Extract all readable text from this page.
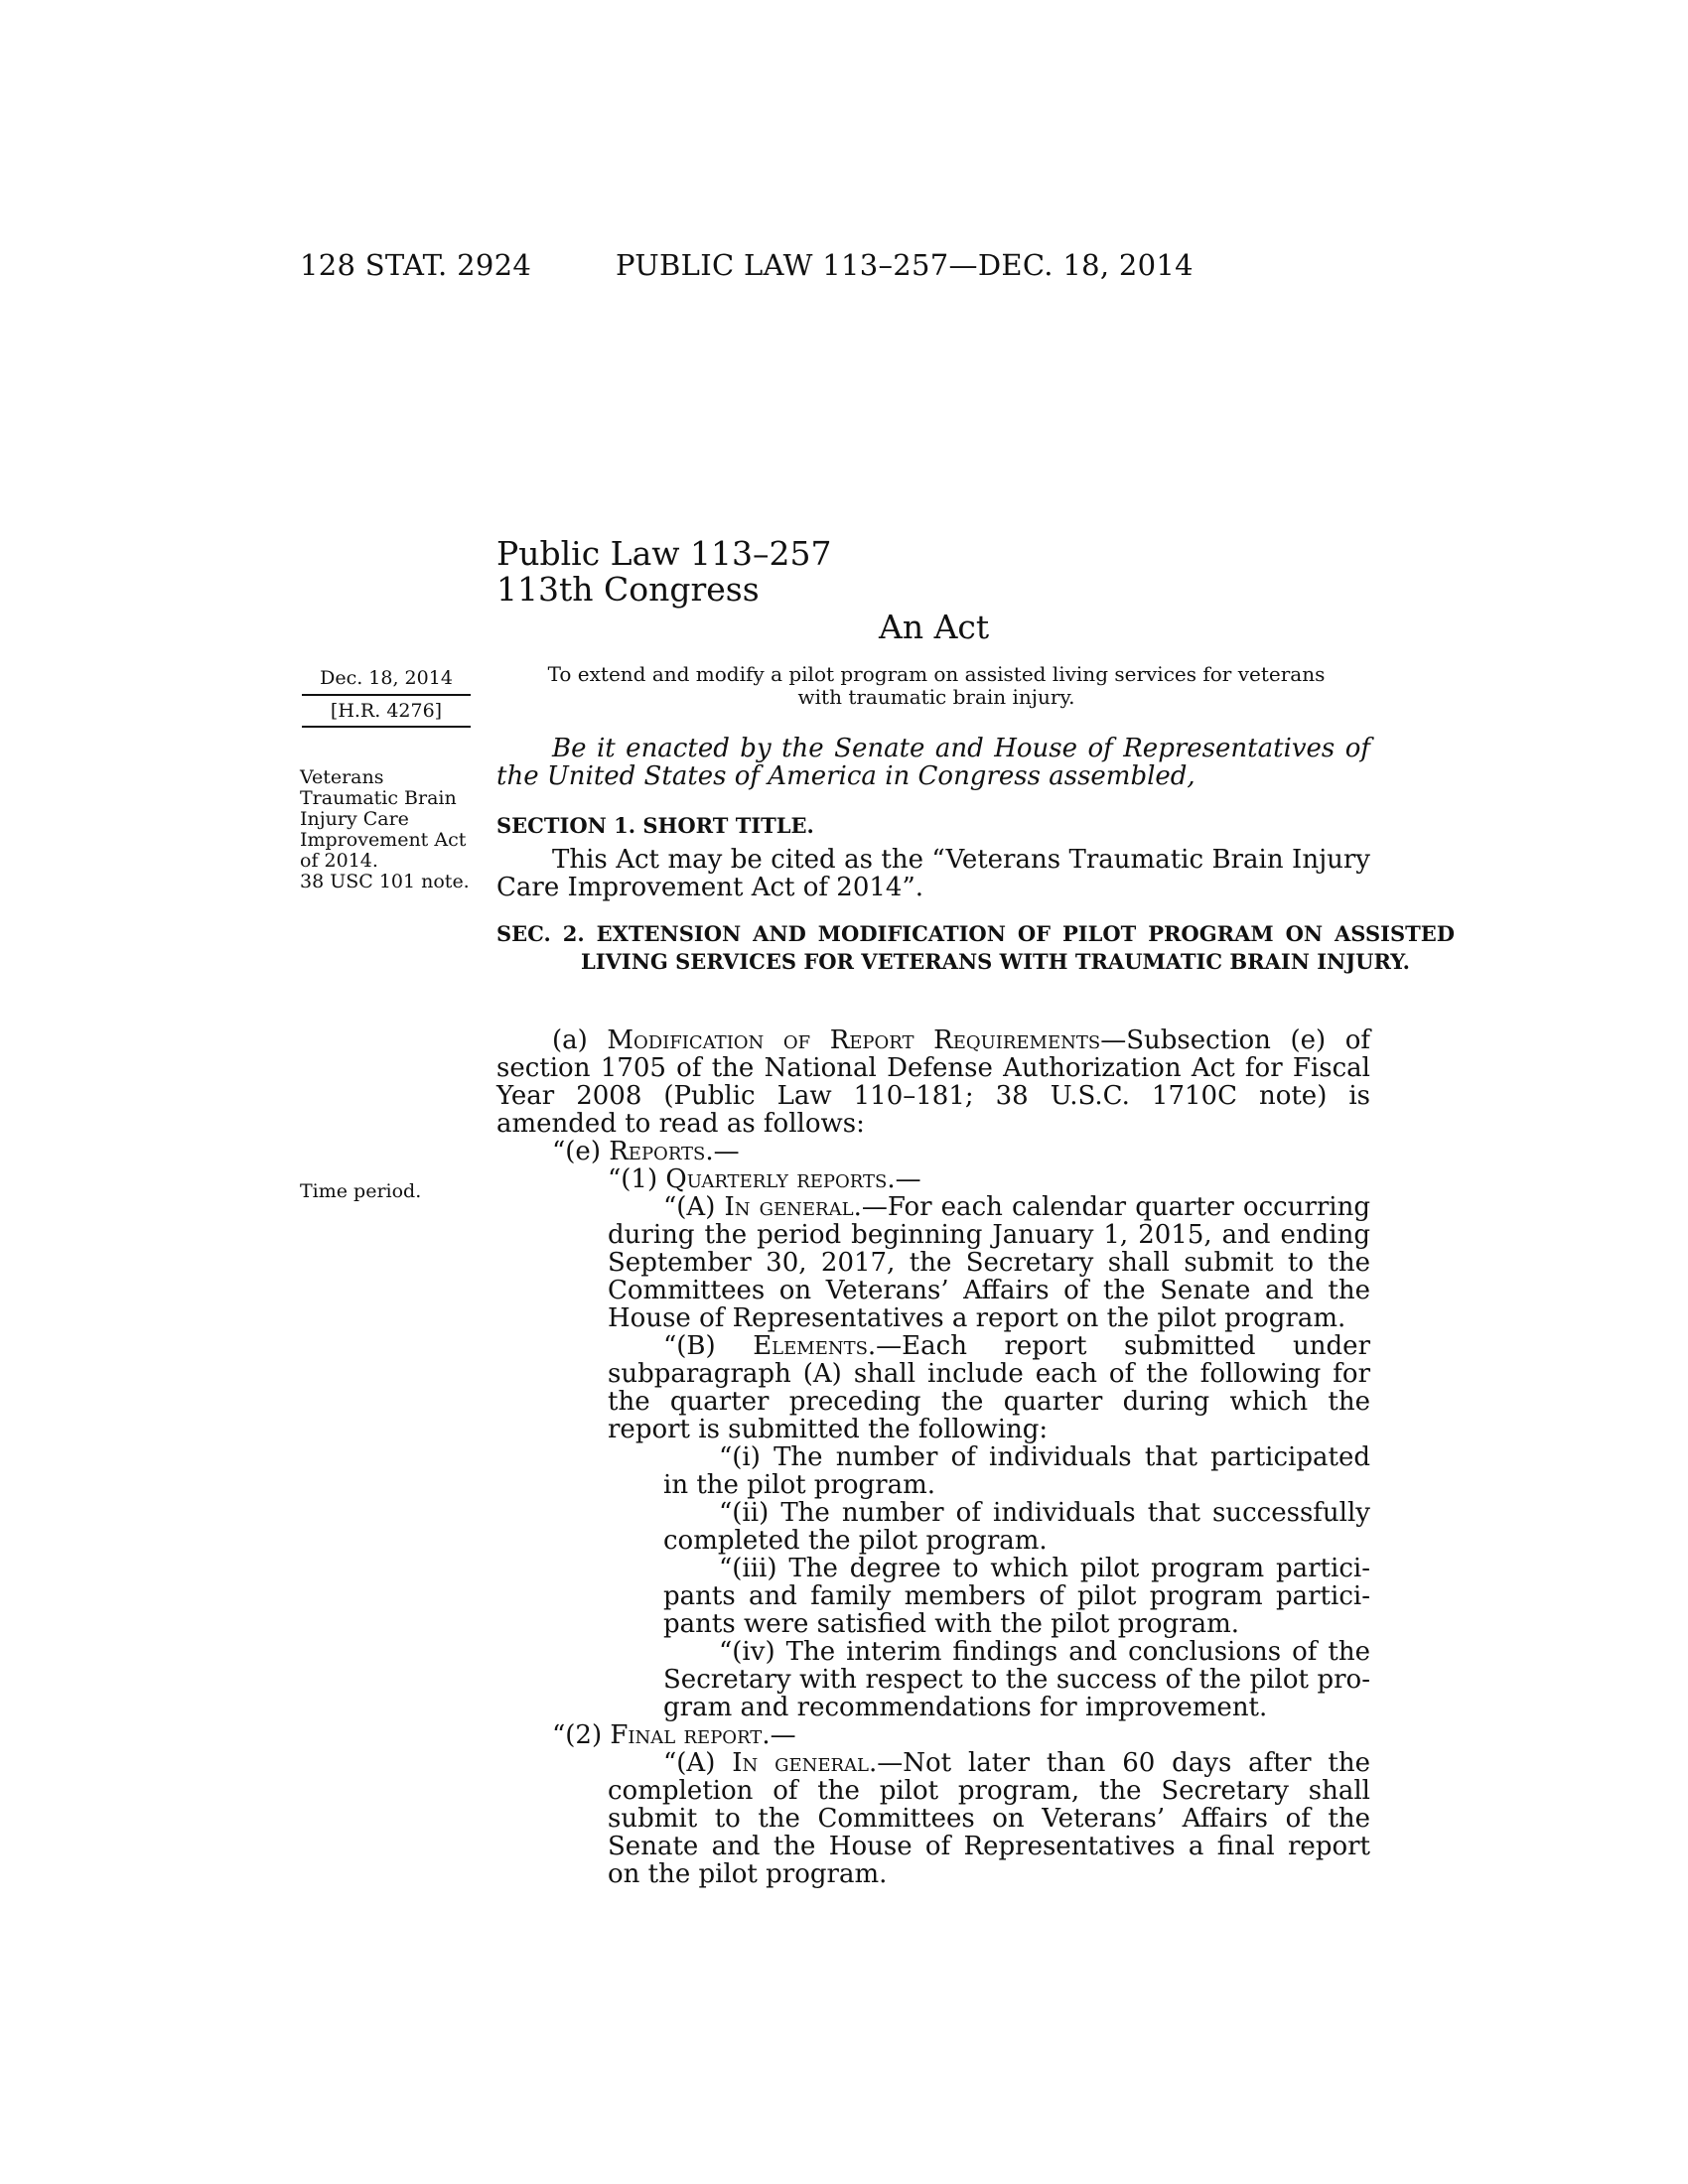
128 STAT. 2924	PUBLIC LAW 113–257—DEC. 18, 2014
Public Law 113–257
113th Congress
An Act
Dec. 18, 2014
[H.R. 4276]
To extend and modify a pilot program on assisted living services for veterans with traumatic brain injury.
Veterans
Traumatic Brain
Injury Care
Improvement Act
of 2014.
38 USC 101 note.
Time period.

Be it enacted by the Senate and House of Representatives of the United States of America in Congress assembled,

SECTION 1. SHORT TITLE.
This Act may be cited as the “Veterans Traumatic Brain Injury Care Improvement Act of 2014”.
SEC. 2. EXTENSION AND MODIFICATION OF PILOT PROGRAM ON ASSISTED LIVING SERVICES FOR VETERANS WITH TRAUMATIC BRAIN INJURY.

(a) Modification of Report Requirements—Subsection (e) of section 1705 of the National Defense Authorization Act for Fiscal Year 2008 (Public Law 110–181; 38 U.S.C. 1710C note) is amended to read as follows:

“(e) Reports.—

“(1) Quarterly reports.—

“(A) In general.—For each calendar quarter occurring during the period beginning January 1, 2015, and ending September 30, 2017, the Secretary shall submit to the Committees on Veterans’ Affairs of the Senate and the House of Representatives a report on the pilot program.

“(B) Elements.—Each report submitted under subparagraph (A) shall include each of the following for the quarter preceding the quarter during which the report is submitted the following:

“(i) The number of individuals that participated in the pilot program.

“(ii) The number of individuals that successfully completed the pilot program.

“(iii) The degree to which pilot program participants and family members of pilot program participants were satisfied with the pilot program.

“(iv) The interim findings and conclusions of the Secretary with respect to the success of the pilot program and recommendations for improvement.

“(2) Final report.—

“(A) In general.—Not later than 60 days after the completion of the pilot program, the Secretary shall submit to the Committees on Veterans’ Affairs of the Senate and the House of Representatives a final report on the pilot program.
